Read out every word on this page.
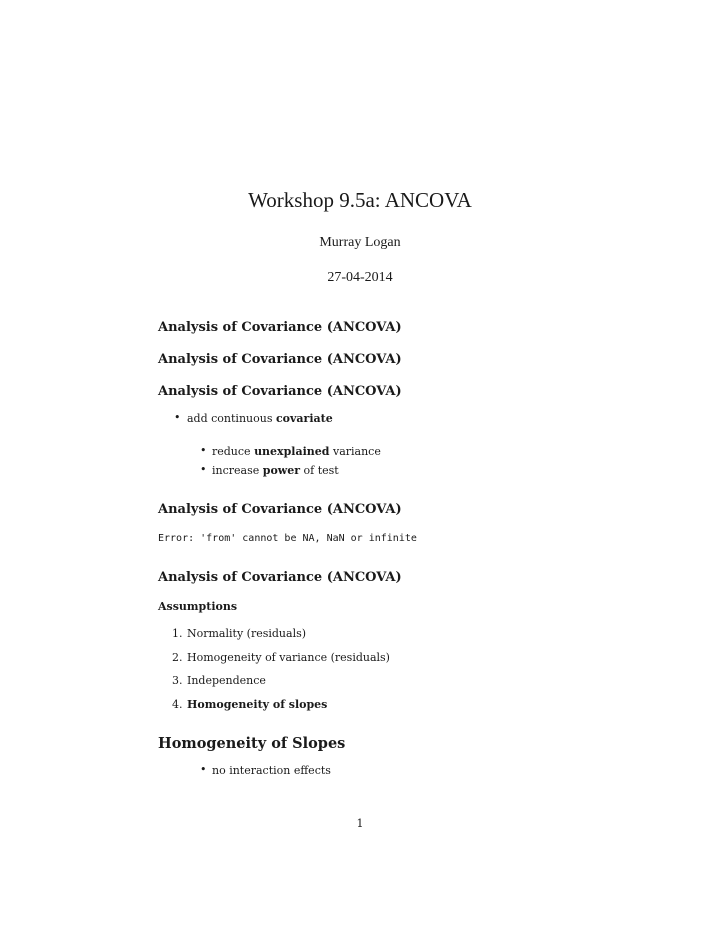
Workshop 9.5a: ANCOVA
Murray Logan
27-04-2014
Analysis of Covariance (ANCOVA)
Analysis of Covariance (ANCOVA)
Analysis of Covariance (ANCOVA)
• add continuous covariate
• reduce unexplained variance
• increase power of test
Analysis of Covariance (ANCOVA)
Error: 'from' cannot be NA, NaN or infinite
Analysis of Covariance (ANCOVA)
Assumptions
1. Normality (residuals)
2. Homogeneity of variance (residuals)
3. Independence
4. Homogeneity of slopes
Homogeneity of Slopes
• no interaction effects
1
